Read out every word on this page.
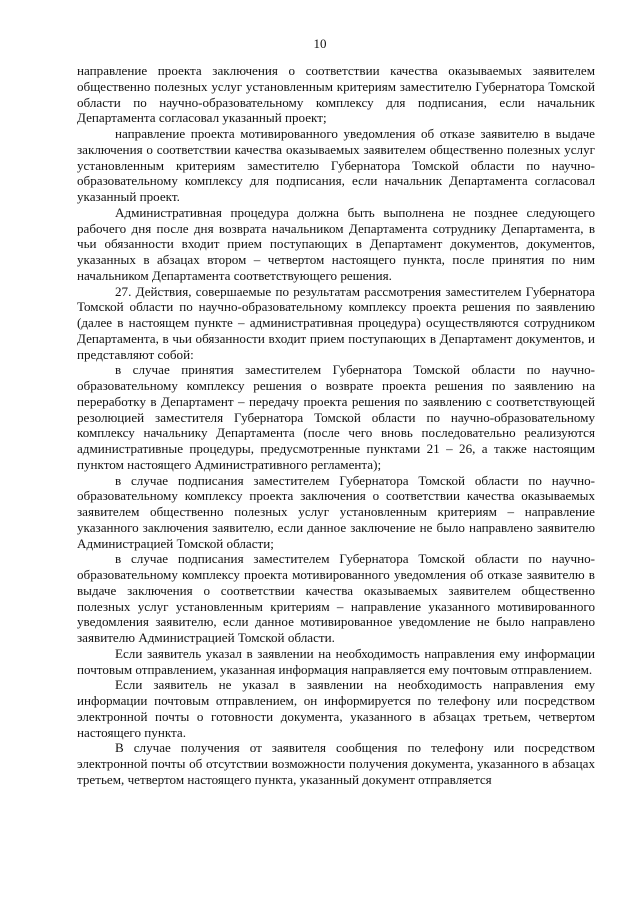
10

направление проекта заключения о соответствии качества оказываемых заявителем общественно полезных услуг установленным критериям заместителю Губернатора Томской области по научно-образовательному комплексу для подписания, если начальник Департамента согласовал указанный проект;

направление проекта мотивированного уведомления об отказе заявителю в выдаче заключения о соответствии качества оказываемых заявителем общественно полезных услуг установленным критериям заместителю Губернатора Томской области по научно-образовательному комплексу для подписания, если начальник Департамента согласовал указанный проект.

Административная процедура должна быть выполнена не позднее следующего рабочего дня после дня возврата начальником Департамента сотруднику Департамента, в чьи обязанности входит прием поступающих в Департамент документов, документов, указанных в абзацах втором – четвертом настоящего пункта, после принятия по ним начальником Департамента соответствующего решения.

27. Действия, совершаемые по результатам рассмотрения заместителем Губернатора Томской области по научно-образовательному комплексу проекта решения по заявлению (далее в настоящем пункте – административная процедура) осуществляются сотрудником Департамента, в чьи обязанности входит прием поступающих в Департамент документов, и представляют собой:

в случае принятия заместителем Губернатора Томской области по научно-образовательному комплексу решения о возврате проекта решения по заявлению на переработку в Департамент – передачу проекта решения по заявлению с соответствующей резолюцией заместителя Губернатора Томской области по научно-образовательному комплексу начальнику Департамента (после чего вновь последовательно реализуются административные процедуры, предусмотренные пунктами 21 – 26, а также настоящим пунктом настоящего Административного регламента);

в случае подписания заместителем Губернатора Томской области по научно-образовательному комплексу проекта заключения о соответствии качества оказываемых заявителем общественно полезных услуг установленным критериям – направление указанного заключения заявителю, если данное заключение не было направлено заявителю Администрацией Томской области;

в случае подписания заместителем Губернатора Томской области по научно-образовательному комплексу проекта мотивированного уведомления об отказе заявителю в выдаче заключения о соответствии качества оказываемых заявителем общественно полезных услуг установленным критериям – направление указанного мотивированного уведомления заявителю, если данное мотивированное уведомление не было направлено заявителю Администрацией Томской области.

Если заявитель указал в заявлении на необходимость направления ему информации почтовым отправлением, указанная информация направляется ему почтовым отправлением.

Если заявитель не указал в заявлении на необходимость направления ему информации почтовым отправлением, он информируется по телефону или посредством электронной почты о готовности документа, указанного в абзацах третьем, четвертом настоящего пункта.

В случае получения от заявителя сообщения по телефону или посредством электронной почты об отсутствии возможности получения документа, указанного в абзацах третьем, четвертом настоящего пункта, указанный документ отправляется
